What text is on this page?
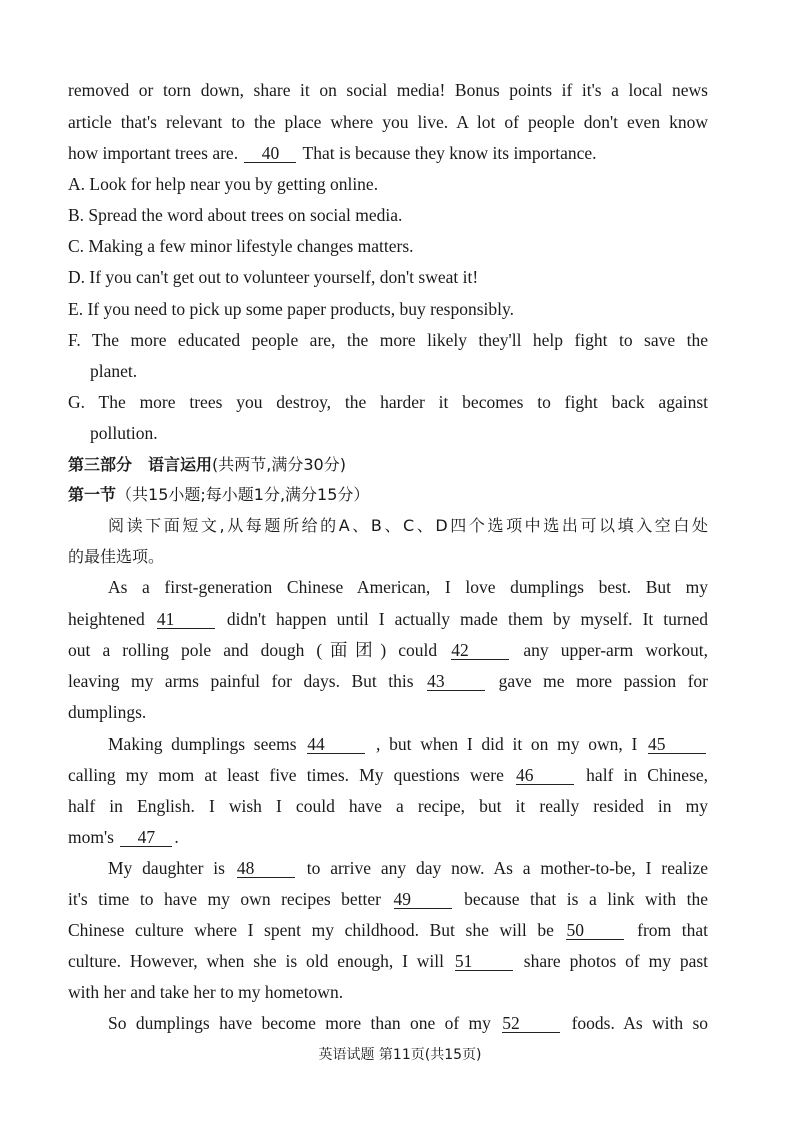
removed or torn down, share it on social media! Bonus points if it's a local news
article that's relevant to the place where you live. A lot of people don't even know
how important trees are. 40 That is because they know its importance.
A. Look for help near you by getting online.
B. Spread the word about trees on social media.
C. Making a few minor lifestyle changes matters.
D. If you can't get out to volunteer yourself, don't sweat it!
E. If you need to pick up some paper products, buy responsibly.
F. The more educated people are, the more likely they'll help fight to save the
planet.
G. The more trees you destroy, the harder it becomes to fight back against
pollution.
第三部分　语言运用(共两节,满分30分)
第一节（共15小题;每小题1分,满分15分）
阅读下面短文,从每题所给的A、B、C、D四个选项中选出可以填入空白处
的最佳选项。
As a first-generation Chinese American, I love dumplings best. But my
heightened 41	didn't happen until I actually made them by myself. It turned
out a rolling pole and dough (面团) could 42	any upper-arm workout,
leaving my arms painful for days. But this 43	gave me more passion for
dumplings.
Making dumplings seems 44	, but when I did it on my own, I 45
calling my mom at least five times. My questions were 46	half in Chinese,
half in English. I wish I could have a recipe, but it really resided in my
mom's 47 .
My daughter is 48	to arrive any day now. As a mother-to-be, I realize
it's time to have my own recipes better 49	because that is a link with the
Chinese culture where I spent my childhood. But she will be 50	from that
culture. However, when she is old enough, I will 51	share photos of my past
with her and take her to my hometown.
So dumplings have become more than one of my 52	foods. As with so
英语试题 第11页(共15页)
